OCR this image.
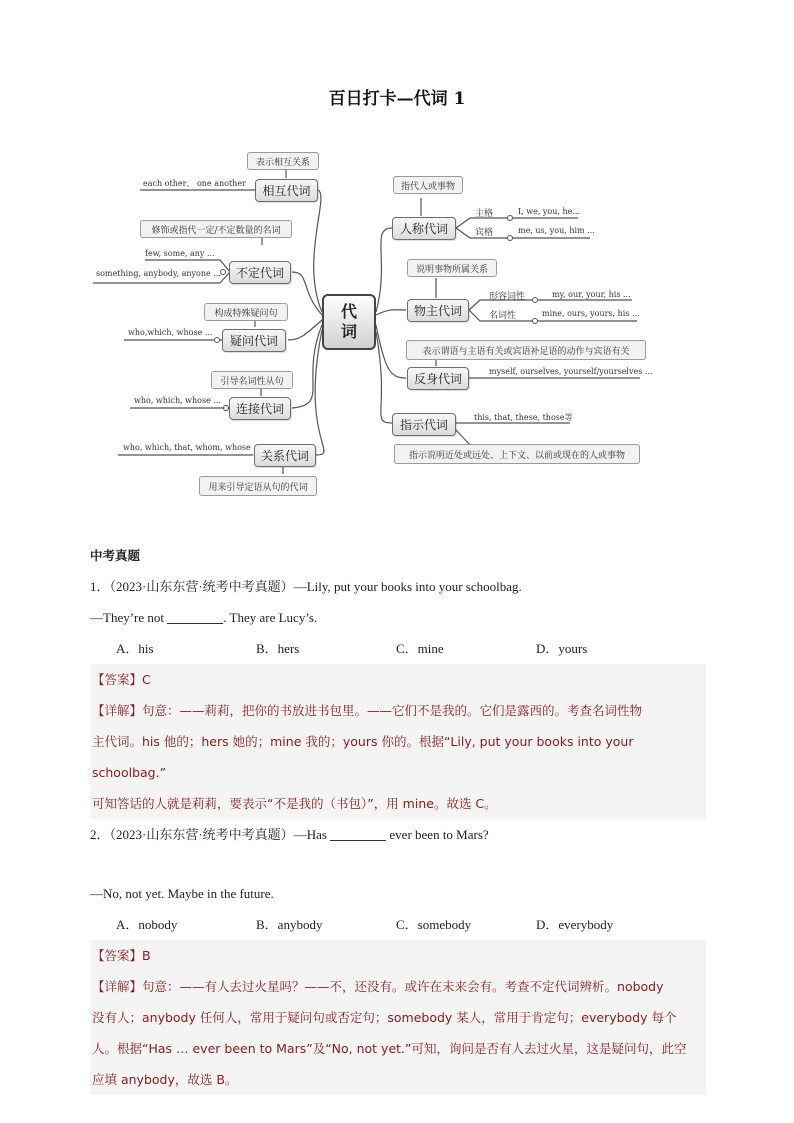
百日打卡—代词 1
代
词
表示相互关系
相互代词
each other、 one another
修饰或指代一定/不定数量的名词
不定代词
few, some, any ...
something, anybody, anyone ...
构成特殊疑问句
疑问代词
who,which, whose ...
引导名词性从句
连接代词
who, which, whose ...
关系代词
who, which, that, whom, whose
用来引导定语从句的代词
指代人或事物
人称代词
主格	I, we, you, he...
宾格	me, us, you, him ...
说明事物所属关系
物主代词
形容词性	my, our, your, his ...
名词性	mine, ours, yours, his ...
表示谓语与主语有关或宾语补足语的动作与宾语有关
反身代词
myself, ourselves, yourself/yourselves ...
指示代词
this, that, these, those等
指示说明近处或远处、上下文、以前或现在的人或事物
中考真题
1．（2023·山东东营·统考中考真题）—Lily, put your books into your schoolbag.
—They’re not	. They are Lucy’s.
A．his	B．hers	C．mine	D．yours
【答案】C
【详解】句意：——莉莉，把你的书放进书包里。——它们不是我的。它们是露西的。考查名词性物
主代词。his 他的；hers 她的；mine 我的；yours 你的。根据“Lily, put your books into your schoolbag.”
可知答话的人就是莉莉，要表示“不是我的（书包）”，用 mine。故选 C。
2．（2023·山东东营·统考中考真题）—Has	ever been to Mars?
—No, not yet. Maybe in the future.
A．nobody	B．anybody	C．somebody	D．everybody
【答案】B
【详解】句意：——有人去过火星吗？——不，还没有。或许在未来会有。考查不定代词辨析。nobody
没有人；anybody 任何人，常用于疑问句或否定句；somebody 某人，常用于肯定句；everybody 每个
人。根据“Has … ever been to Mars”及“No, not yet.”可知，询问是否有人去过火星，这是疑问句，此空
应填 anybody，故选 B。
